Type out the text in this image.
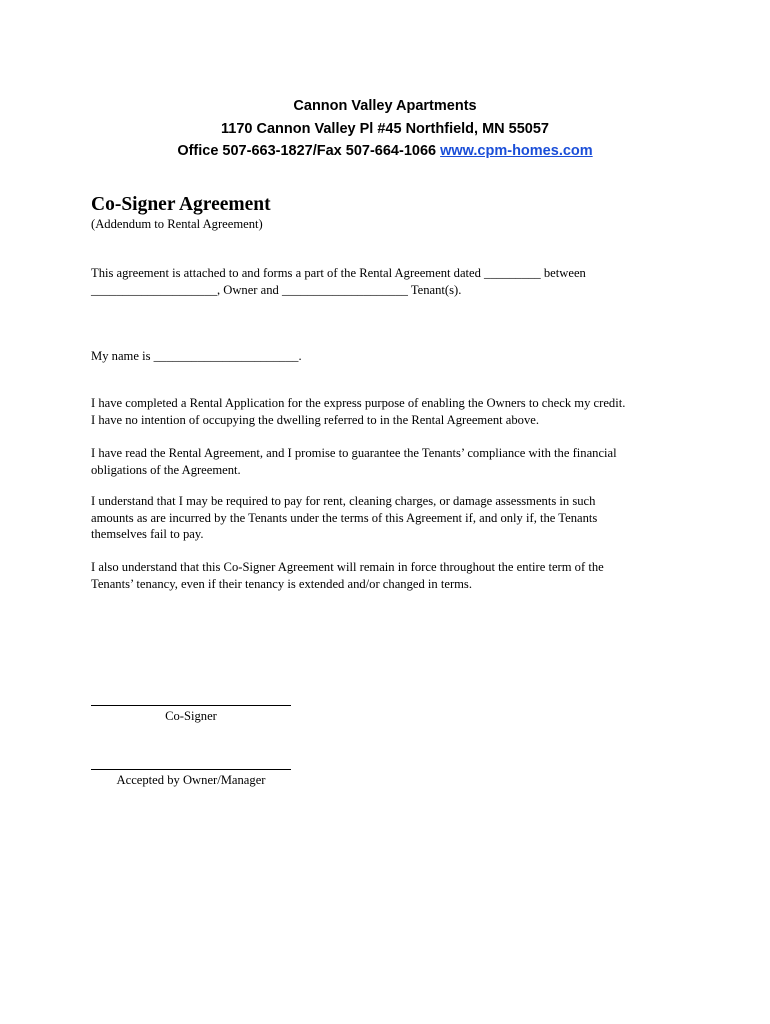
Cannon Valley Apartments
1170 Cannon Valley Pl #45 Northfield, MN 55057
Office 507-663-1827/Fax 507-664-1066 www.cpm-homes.com
Co-Signer Agreement
(Addendum to Rental Agreement)
This agreement is attached to and forms a part of the Rental Agreement dated _________ between
____________________, Owner and ____________________ Tenant(s).
My name is _______________________.
I have completed a Rental Application for the express purpose of enabling the Owners to check my credit.
I have no intention of occupying the dwelling referred to in the Rental Agreement above.
I have read the Rental Agreement, and I promise to guarantee the Tenants’ compliance with the financial
obligations of the Agreement.
I understand that I may be required to pay for rent, cleaning charges, or damage assessments in such
amounts as are incurred by the Tenants under the terms of this Agreement if, and only if, the Tenants
themselves fail to pay.
I also understand that this Co-Signer Agreement will remain in force throughout the entire term of the
Tenants’ tenancy, even if their tenancy is extended and/or changed in terms.
Co-Signer
Accepted by Owner/Manager
